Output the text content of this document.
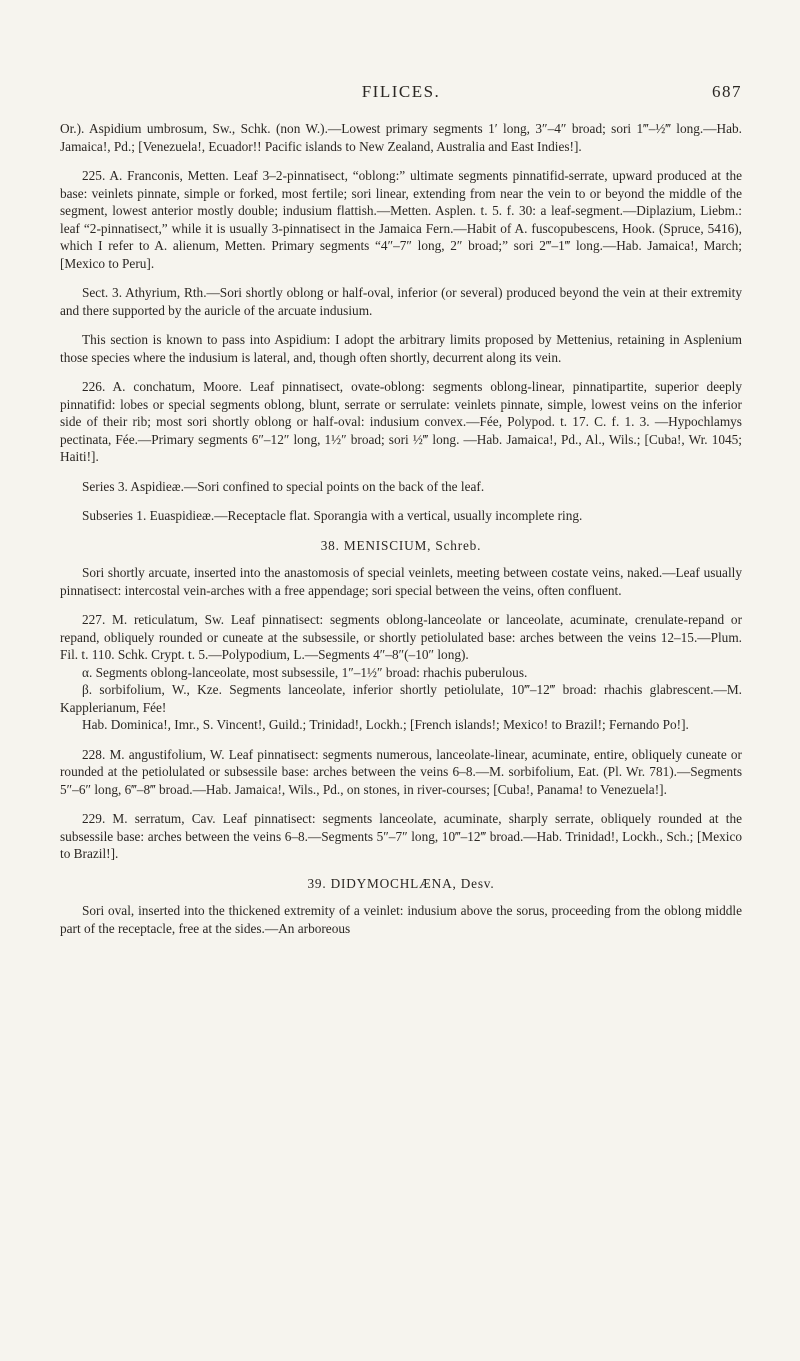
FILICES.	687

Or.). Aspidium umbrosum, Sw., Schk. (non W.).—Lowest primary segments 1′ long, 3″–4″ broad; sori 1‴–½‴ long.—Hab. Jamaica!, Pd.; [Venezuela!, Ecuador!! Pacific islands to New Zealand, Australia and East Indies!].

225. A. Franconis, Metten. Leaf 3–2-pinnatisect, “oblong:” ultimate segments pinnatifid-serrate, upward produced at the base: veinlets pinnate, simple or forked, most fertile; sori linear, extending from near the vein to or beyond the middle of the segment, lowest anterior mostly double; indusium flattish.—Metten. Asplen. t. 5. f. 30: a leaf-segment.—Diplazium, Liebm.: leaf “2-pinnatisect,” while it is usually 3-pinnatisect in the Jamaica Fern.—Habit of A. fuscopubescens, Hook. (Spruce, 5416), which I refer to A. alienum, Metten. Primary segments “4″–7″ long, 2″ broad;” sori 2‴–1‴ long.—Hab. Jamaica!, March; [Mexico to Peru].

Sect. 3. Athyrium, Rth.—Sori shortly oblong or half-oval, inferior (or several) produced beyond the vein at their extremity and there supported by the auricle of the arcuate indusium.

This section is known to pass into Aspidium: I adopt the arbitrary limits proposed by Mettenius, retaining in Asplenium those species where the indusium is lateral, and, though often shortly, decurrent along its vein.

226. A. conchatum, Moore. Leaf pinnatisect, ovate-oblong: segments oblong-linear, pinnatipartite, superior deeply pinnatifid: lobes or special segments oblong, blunt, serrate or serrulate: veinlets pinnate, simple, lowest veins on the inferior side of their rib; most sori shortly oblong or half-oval: indusium convex.—Fée, Polypod. t. 17. C. f. 1. 3. —Hypochlamys pectinata, Fée.—Primary segments 6″–12″ long, 1½″ broad; sori ½‴ long. —Hab. Jamaica!, Pd., Al., Wils.; [Cuba!, Wr. 1045; Haiti!].

Series 3. Aspidieæ.—Sori confined to special points on the back of the leaf.

Subseries 1. Euaspidieæ.—Receptacle flat. Sporangia with a vertical, usually incomplete ring.

38. MENISCIUM, Schreb.

Sori shortly arcuate, inserted into the anastomosis of special veinlets, meeting between costate veins, naked.—Leaf usually pinnatisect: intercostal vein-arches with a free appendage; sori special between the veins, often confluent.

227. M. reticulatum, Sw. Leaf pinnatisect: segments oblong-lanceolate or lanceolate, acuminate, crenulate-repand or repand, obliquely rounded or cuneate at the subsessile, or shortly petiolulated base: arches between the veins 12–15.—Plum. Fil. t. 110. Schk. Crypt. t. 5.—Polypodium, L.—Segments 4″–8″(–10″ long).

α. Segments oblong-lanceolate, most subsessile, 1″–1½″ broad: rhachis puberulous.

β. sorbifolium, W., Kze. Segments lanceolate, inferior shortly petiolulate, 10‴–12‴ broad: rhachis glabrescent.—M. Kapplerianum, Fée!

Hab. Dominica!, Imr., S. Vincent!, Guild.; Trinidad!, Lockh.; [French islands!; Mexico! to Brazil!; Fernando Po!].

228. M. angustifolium, W. Leaf pinnatisect: segments numerous, lanceolate-linear, acuminate, entire, obliquely cuneate or rounded at the petiolulated or subsessile base: arches between the veins 6–8.—M. sorbifolium, Eat. (Pl. Wr. 781).—Segments 5″–6″ long, 6‴–8‴ broad.—Hab. Jamaica!, Wils., Pd., on stones, in river-courses; [Cuba!, Panama! to Venezuela!].

229. M. serratum, Cav. Leaf pinnatisect: segments lanceolate, acuminate, sharply serrate, obliquely rounded at the subsessile base: arches between the veins 6–8.—Segments 5″–7″ long, 10‴–12‴ broad.—Hab. Trinidad!, Lockh., Sch.; [Mexico to Brazil!].

39. DIDYMOCHLÆNA, Desv.

Sori oval, inserted into the thickened extremity of a veinlet: indusium above the sorus, proceeding from the oblong middle part of the receptacle, free at the sides.—An arboreous
